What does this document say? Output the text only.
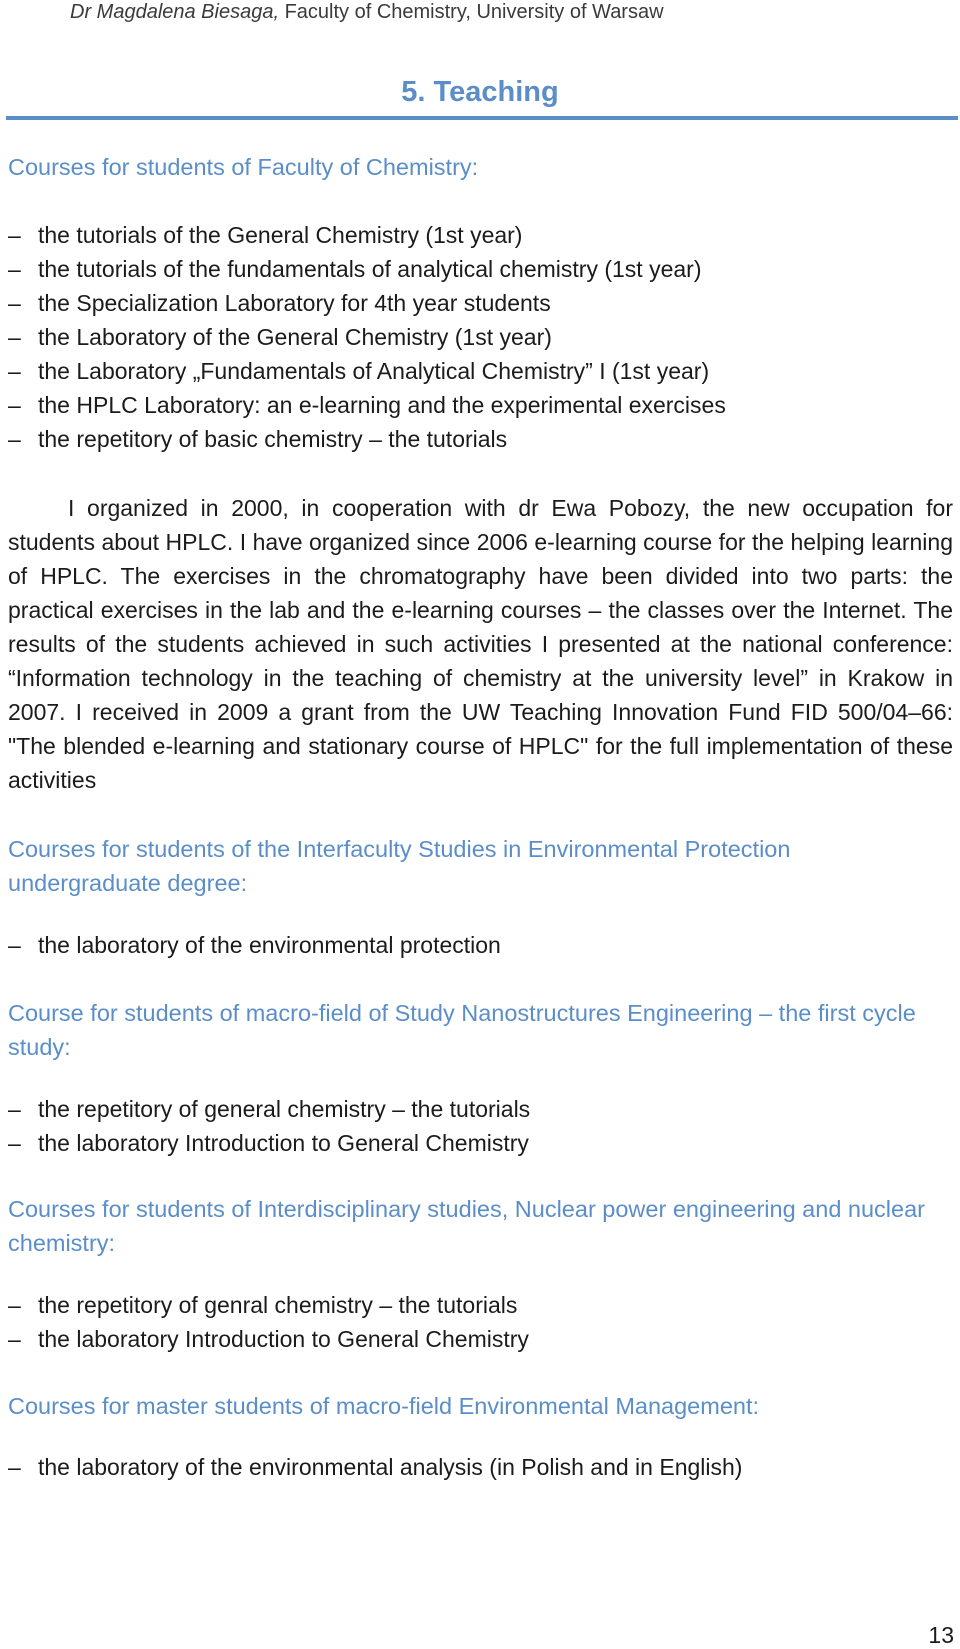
Dr Magdalena Biesaga, Faculty of Chemistry, University of Warsaw
5. Teaching
Courses for students of Faculty of Chemistry:
– the tutorials of the General Chemistry (1st year)
– the tutorials of the fundamentals of analytical chemistry (1st year)
– the Specialization Laboratory for 4th year students
– the Laboratory of the General Chemistry (1st year)
– the Laboratory „Fundamentals of Analytical Chemistry” I (1st year)
– the HPLC Laboratory: an e-learning and the experimental exercises
– the repetitory of basic chemistry – the tutorials

I organized in 2000, in cooperation with dr Ewa Pobozy, the new occupation for students about HPLC. I have organized since 2006 e-learning course for the helping learning of HPLC. The exercises in the chromatography have been divided into two parts: the practical exercises in the lab and the e-learning courses – the classes over the Internet. The results of the students achieved in such activities I presented at the national conference: “Information technology in the teaching of chemistry at the university level” in Krakow in 2007. I received in 2009 a grant from the UW Teaching Innovation Fund FID 500/04–66: "The blended e-learning and stationary course of HPLC" for the full implementation of these activities

Courses for students of the Interfaculty Studies in Environmental Protection undergraduate degree:
– the laboratory of the environmental protection
Course for students of macro-field of Study Nanostructures Engineering – the first cycle study:
– the repetitory of general chemistry – the tutorials
– the laboratory Introduction to General Chemistry
Courses for students of Interdisciplinary studies, Nuclear power engineering and nuclear chemistry:
– the repetitory of genral chemistry – the tutorials
– the laboratory Introduction to General Chemistry
Courses for master students of macro-field Environmental Management:
– the laboratory of the environmental analysis (in Polish and in English)
13
